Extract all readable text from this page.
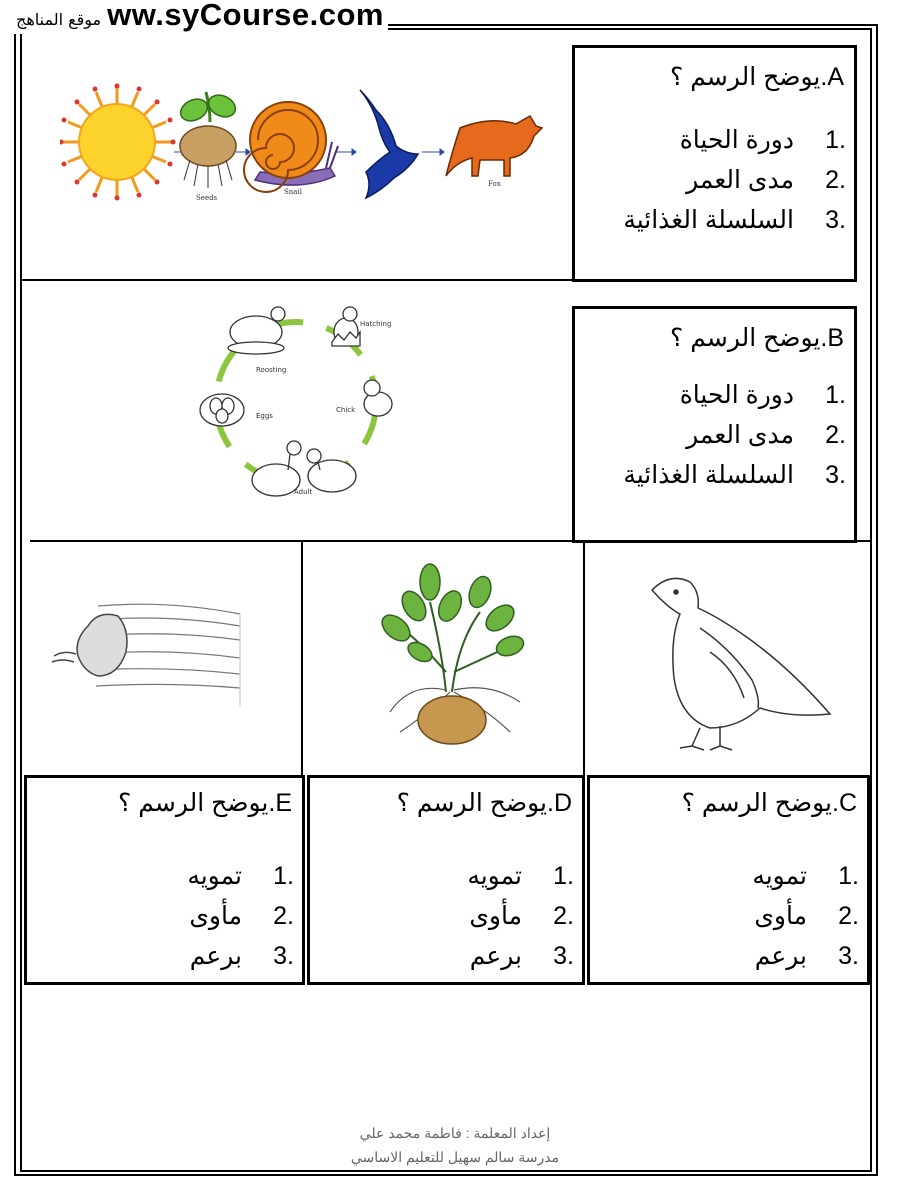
موقع المناهج ww.syCourse.com
Seeds
Snail
Fox
Hatching
Roosting
Eggs
Chick
Adult
A.يوضح الرسم ؟
.1دورة الحياة
.2مدى العمر
.3السلسلة الغذائية
B.يوضح الرسم ؟
.1دورة الحياة
.2مدى العمر
.3السلسلة الغذائية
C.يوضح الرسم ؟
.1تمويه
.2مأوى
.3برعم
D.يوضح الرسم ؟
.1تمويه
.2مأوى
.3برعم
E.يوضح الرسم ؟
.1تمويه
.2مأوى
.3برعم
إعداد المعلمة : فاطمة محمد علي
مدرسة سالم سهيل للتعليم الاساسي
